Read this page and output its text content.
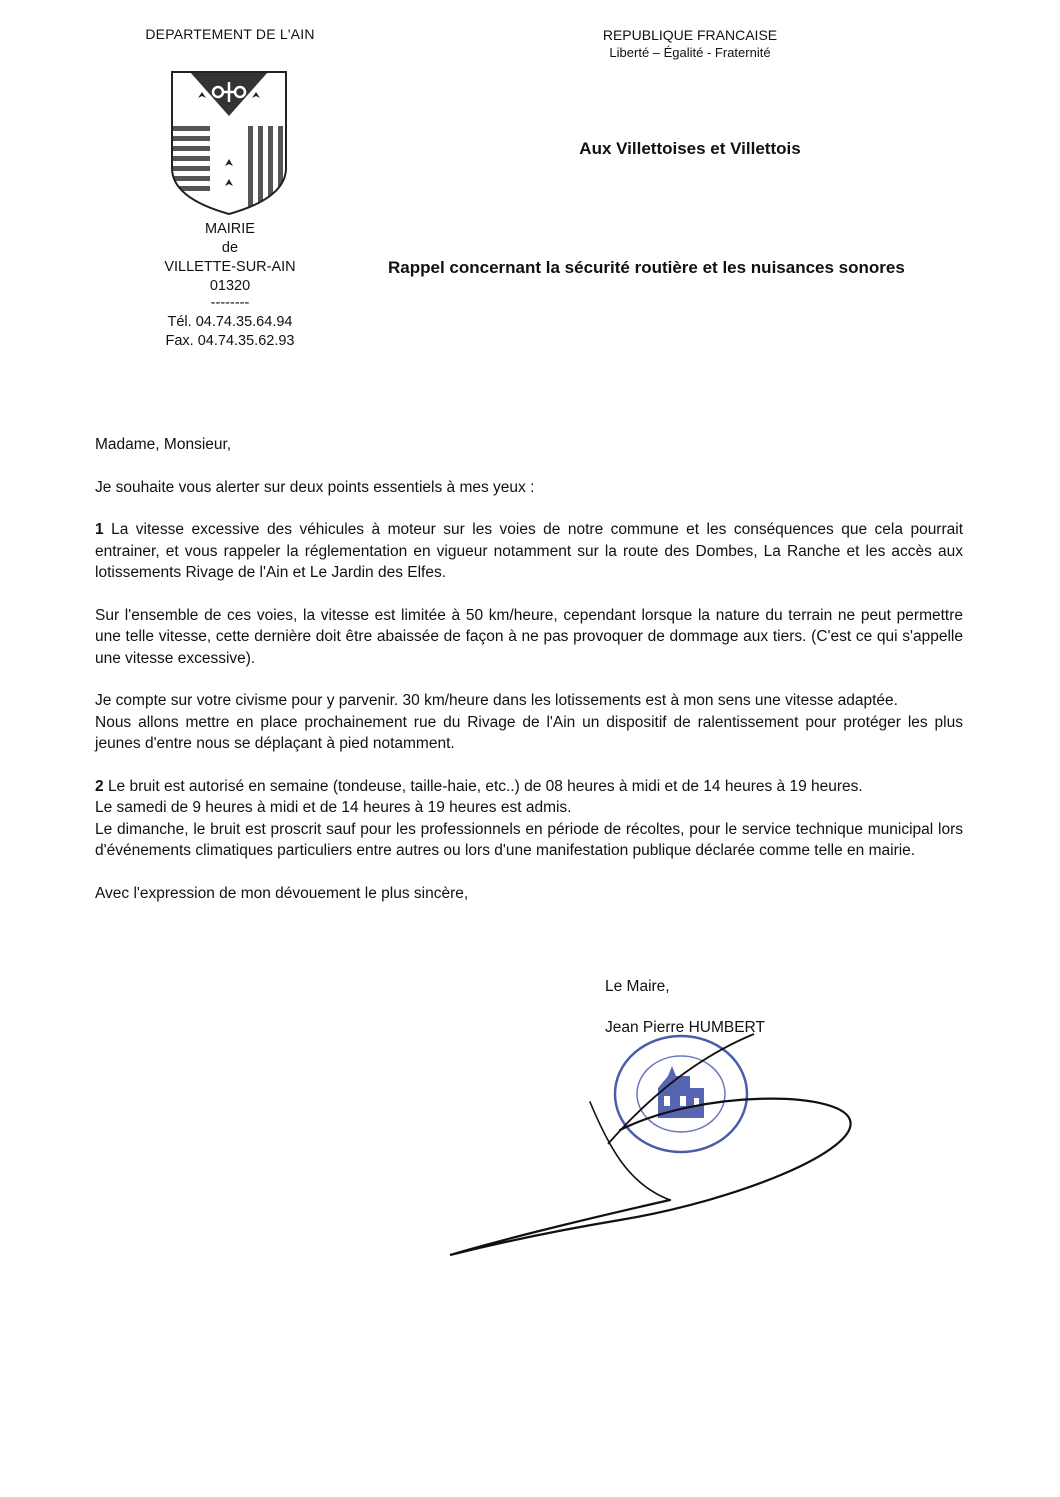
DEPARTEMENT DE L'AIN	REPUBLIQUE FRANCAISE
Liberté – Égalité - Fraternité
MAIRIE
de
VILLETTE-SUR-AIN
01320
--------
Tél. 04.74.35.64.94
Fax. 04.74.35.62.93
Aux Villettoises et Villettois
Rappel concernant la sécurité routière et les nuisances sonores

Madame, Monsieur,

Je souhaite vous alerter sur deux points essentiels à mes yeux :

1 La vitesse excessive des véhicules à moteur sur les voies de notre commune et les conséquences que cela pourrait entrainer, et vous rappeler la réglementation en vigueur notamment sur la route des Dombes, La Ranche et les accès aux lotissements Rivage de l'Ain et Le Jardin des Elfes.

Sur l'ensemble de ces voies, la vitesse est limitée à 50 km/heure, cependant lorsque la nature du terrain ne peut permettre une telle vitesse, cette dernière doit être abaissée de façon à ne pas provoquer de dommage aux tiers. (C'est ce qui s'appelle une vitesse excessive).

Je compte sur votre civisme pour y parvenir. 30 km/heure dans les lotissements est à mon sens une vitesse adaptée.

Nous allons mettre en place prochainement rue du Rivage de l'Ain un dispositif de ralentissement pour protéger les plus jeunes d'entre nous se déplaçant à pied notamment.

2 Le bruit est autorisé en semaine (tondeuse, taille-haie, etc..) de 08 heures à midi et de 14 heures à 19 heures.

Le samedi de 9 heures à midi et de 14 heures à 19 heures est admis.

Le dimanche, le bruit est proscrit sauf pour les professionnels en période de récoltes, pour le service technique municipal lors d'événements climatiques particuliers entre autres ou lors d'une manifestation publique déclarée comme telle en mairie.

Avec l'expression de mon dévouement le plus sincère,

Le Maire,
Jean Pierre HUMBERT
